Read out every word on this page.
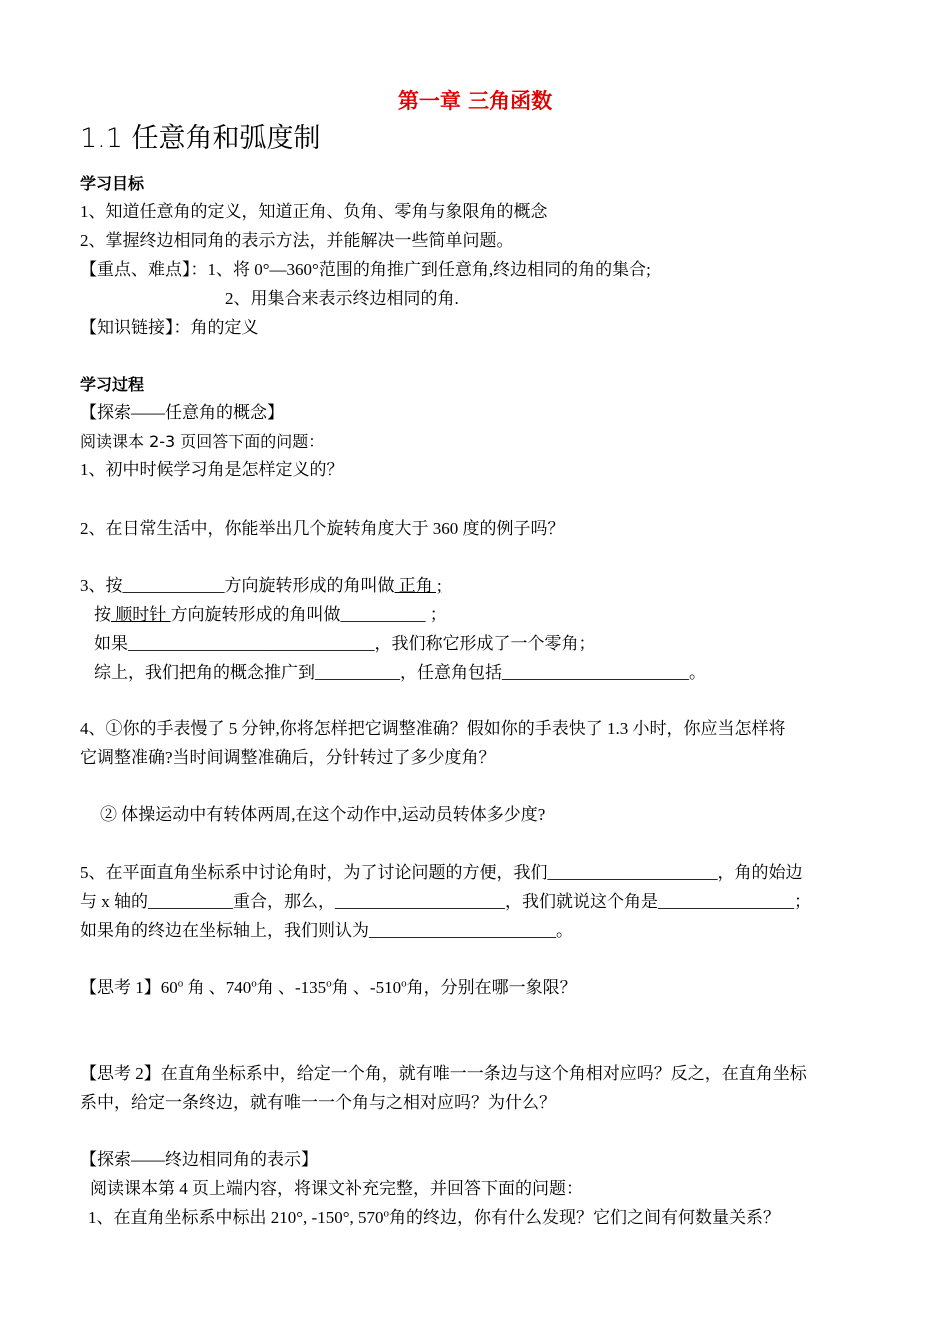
第一章 三角函数
1.1 任意角和弧度制
学习目标
1、知道任意角的定义，知道正角、负角、零角与象限角的概念
2、掌握终边相同角的表示方法，并能解决一些简单问题。
【重点、难点】：1、将 0°—360°范围的角推广到任意角,终边相同的角的集合;
2、用集合来表示终边相同的角.
【知识链接】：角的定义
学习过程
【探索——任意角的概念】
阅读课本 2-3 页回答下面的问题：
1、初中时候学习角是怎样定义的？
2、在日常生活中，你能举出几个旋转角度大于 360 度的例子吗？
3、按____________方向旋转形成的角叫做 正角 ;
按 顺时针 方向旋转形成的角叫做__________ ；
如果_____________________________，我们称它形成了一个零角；
综上，我们把角的概念推广到__________，任意角包括______________________。
4、①你的手表慢了 5 分钟,你将怎样把它调整准确？假如你的手表快了 1.3 小时，你应当怎样将
它调整准确?当时间调整准确后，分针转过了多少度角？
② 体操运动中有转体两周,在这个动作中,运动员转体多少度?
5、在平面直角坐标系中讨论角时，为了讨论问题的方便，我们____________________，角的始边
与 x 轴的__________重合，那么，____________________，我们就说这个角是________________；
如果角的终边在坐标轴上，我们则认为______________________。
【思考 1】60$^o$ 角 、740$^o$角 、-135$^o$角 、-510$^o$角，分别在哪一象限？
【思考 2】在直角坐标系中，给定一个角，就有唯一一条边与这个角相对应吗？反之，在直角坐标
系中，给定一条终边，就有唯一一个角与之相对应吗？为什么？
【探索——终边相同角的表示】
阅读课本第 4 页上端内容，将课文补充完整，并回答下面的问题：
1、在直角坐标系中标出 210°, -150°, 570$^o$角的终边，你有什么发现？它们之间有何数量关系？
